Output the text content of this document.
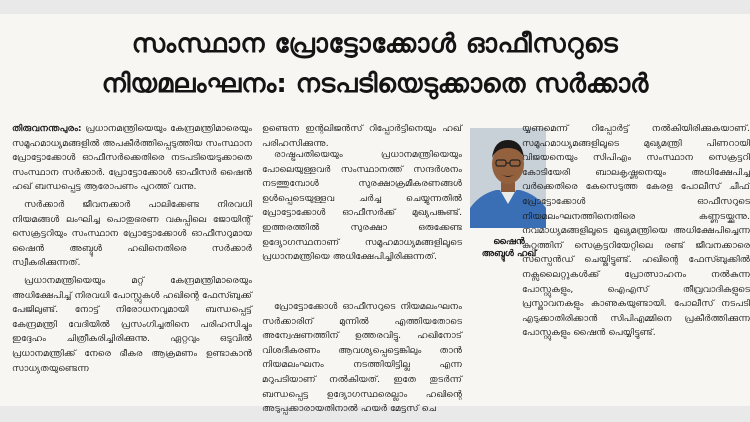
സംസ്ഥാന പ്രോട്ടോക്കോൾ ഓഫീസറുടെ
നിയമലംഘനം: നടപടിയെടുക്കാതെ സർക്കാർ

തിരുവനന്തപുരം: പ്രധാനമന്ത്രിയെയും കേന്ദ്രമന്ത്രിമാരെയും സമൂഹമാധ്യമങ്ങളിൽ അപകീർത്തിപ്പെടുത്തിയ സംസ്ഥാന പ്രോട്ടോക്കോൾ ഓഫീസർക്കെതിരെ നടപടിയെടുക്കാതെ സംസ്ഥാന സർക്കാർ. പ്രോട്ടോക്കോൾ ഓഫീസർ ഷൈൻ ഹഖ് ബന്ധപ്പെട്ട ആരോപണം പുറത്ത് വന്നു.

സർക്കാർ ജീവനക്കാർ പാലിക്കേണ്ട നിരവധി നിയമങ്ങൾ ലംഘിച്ച പൊതുഭരണ വകുപ്പിലെ ജോയിന്റ് സെക്രട്ടറിയും സംസ്ഥാന പ്രോട്ടോക്കോൾ ഓഫീസറുമായ ഷൈൻ അബ്ദുൾ ഹഖിനെതിരെ സർക്കാർ സ്വീകരിക്കുന്നത്.

പ്രധാനമന്ത്രിയെയും മറ്റ് കേന്ദ്രമന്ത്രിമാരെയും അധിക്ഷേപിച്ച് നിരവധി പോസ്റ്റുകൾ ഹഖിന്റെ ഫേസ്ബുക്ക് പേജിലുണ്ട്. നോട്ട് നിരോധനവുമായി ബന്ധപ്പെട്ട് കേന്ദ്രമന്ത്രി വേദിയിൽ പ്രസംഗിച്ചതിനെ പരിഹസിച്ചും ഇദ്ദേഹം ചിത്രീകരിച്ചിരിക്കുന്നു. ഏറ്റവും ഒടുവിൽ പ്രധാനമന്ത്രിക്ക് നേരെ ഭീകര ആക്രമണം ഉണ്ടാകാൻ സാധ്യതയുണ്ടെന്ന

ഉണ്ടെന്ന ഇന്റലിജൻസ് റിപ്പോർട്ടിനെയും ഹഖ് പരിഹസിക്കുന്നു.

രാഷ്ട്രപതിയെയും പ്രധാനമന്ത്രിയെയും പോലെയുള്ളവർ സംസ്ഥാനത്ത് സന്ദർശനം നടത്തുമ്പോൾ സുരക്ഷാക്രമീകരണങ്ങൾ ഉൾപ്പെടെയുള്ളവ ചർച്ച ചെയ്യുന്നതിൽ പ്രോട്ടോക്കോൾ ഓഫീസർക്ക് മുഖ്യപങ്കുണ്ട്. ഇത്തരത്തിൽ സുരക്ഷാ ഒരുക്കേണ്ട ഉദ്യോഗസ്ഥനാണ് സമൂഹമാധ്യമങ്ങളിലൂടെ പ്രധാനമന്ത്രിയെ അധിക്ഷേപിച്ചിരിക്കുന്നത്.

പ്രോട്ടോക്കോൾ ഓഫീസറുടെ നിയമലംഘനം സർക്കാരിന് മുന്നിൽ എത്തിയതോടെ അന്വേഷണത്തിന് ഉത്തരവിട്ടു. ഹഖിനോട് വിശദീകരണം ആവശ്യപ്പെട്ടെങ്കിലും താൻ നിയമലംഘനം നടത്തിയിട്ടില്ല എന്ന മറുപടിയാണ് നൽകിയത്. ഇതേ തുടർന്ന് ബന്ധപ്പെട്ട ഉദ്യോഗസ്ഥരെല്ലാം ഹഖിന്റെ അടുപ്പക്കാരായതിനാൽ ഹയർ മേട്ടസ് ചെ

ഷൈൻ
അബ്ദുൾ ഹഖ്

യ്യണമെന്ന് റിപ്പോർട്ട് നൽകിയിരിക്കുകയാണ്. സമൂഹമാധ്യമങ്ങളിലൂടെ മുഖ്യമന്ത്രി പിണറായി വിജയനെയും സിപിഎം സംസ്ഥാന സെക്രട്ടറി കോടിയേരി ബാലകൃഷ്ണനെയും അധിക്ഷേപിച്ച വർക്കെതിരെ കേസെടുത്ത കേരള പോലീസ് ചീഫ് പ്രോട്ടോക്കോൾ ഓഫീസറുടെ നിയമലംഘനത്തിനെതിരെ കണ്ണടയ്ക്കുന്നു. നവമാധ്യമങ്ങളിലൂടെ മുഖ്യമന്ത്രിയെ അധിക്ഷേപിച്ചെന്ന കുറ്റത്തിന് സെക്രട്ടറിയേറ്റിലെ രണ്ട് ജീവനക്കാരെ സസ്പെൻഡ് ചെയ്തിട്ടുണ്ട്. ഹഖിന്റെ ഫേസ്ബുക്കിൽ നക്സലൈറ്റുകൾക്ക് പ്രോത്സാഹനം നൽകുന്ന പോസ്റ്റുകളും, ഐഎസ് തീവ്രവാദികളുടെ പ്രസ്താവനകളും കാണുകയുണ്ടായി. പോലീസ് നടപടി എടുക്കാതിരിക്കാൻ സിപിഎമ്മിനെ പ്രകീർത്തിക്കുന്ന പോസ്റ്റുകളും ഷൈൻ പെയ്യിട്ടുണ്ട്.
